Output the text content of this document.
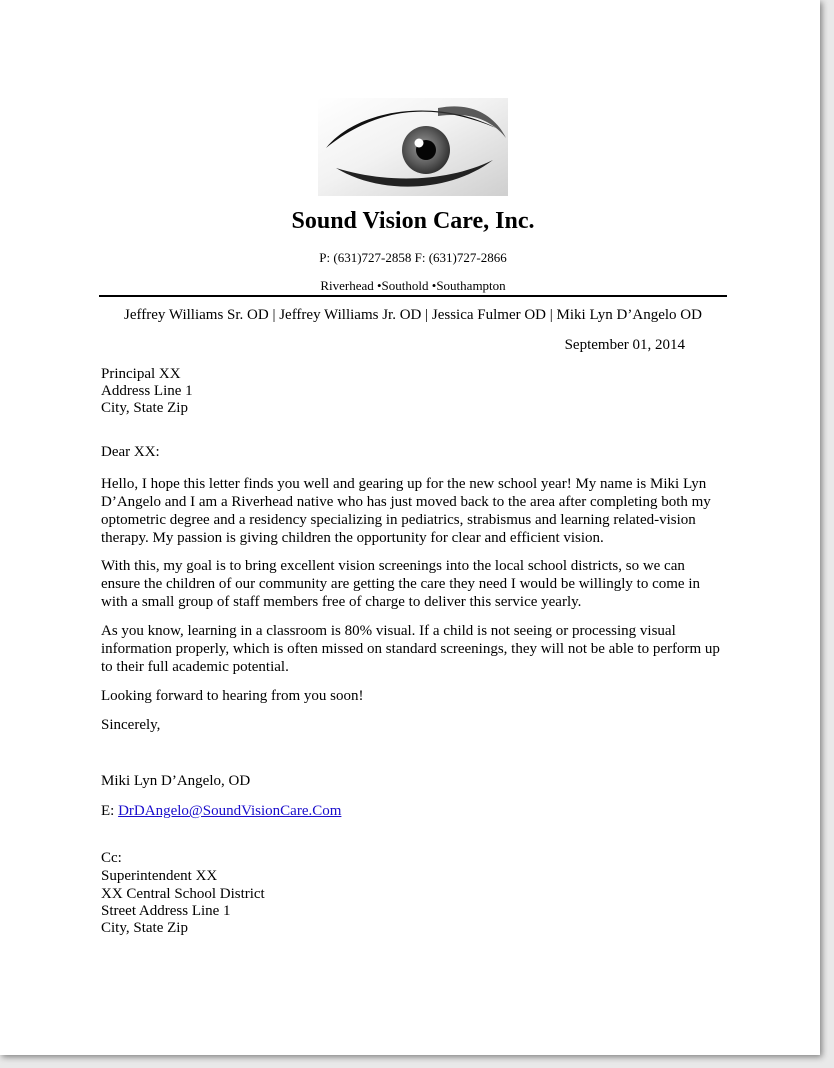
Sound Vision Care, Inc.
P: (631)727-2858 F: (631)727-2866
Riverhead •Southold •Southampton
Jeffrey Williams Sr. OD | Jeffrey Williams Jr. OD | Jessica Fulmer OD | Miki Lyn D’Angelo OD
September 01, 2014
Principal XX
Address Line 1
City, State Zip
Dear XX:
Hello, I hope this letter finds you well and gearing up for the new school year! My name is Miki Lyn D’Angelo and I am a Riverhead native who has just moved back to the area after completing both my optometric degree and a residency specializing in pediatrics, strabismus and learning related-vision therapy. My passion is giving children the opportunity for clear and efficient vision.
With this, my goal is to bring excellent vision screenings into the local school districts, so we can ensure the children of our community are getting the care they need I would be willingly to come in with a small group of staff members free of charge to deliver this service yearly.
As you know, learning in a classroom is 80% visual. If a child is not seeing or processing visual information properly, which is often missed on standard screenings, they will not be able to perform up to their full academic potential.
Looking forward to hearing from you soon!
Sincerely,
Miki Lyn D’Angelo, OD
E: DrDAngelo@SoundVisionCare.Com
Cc:
Superintendent XX
XX Central School District
Street Address Line 1
City, State Zip
